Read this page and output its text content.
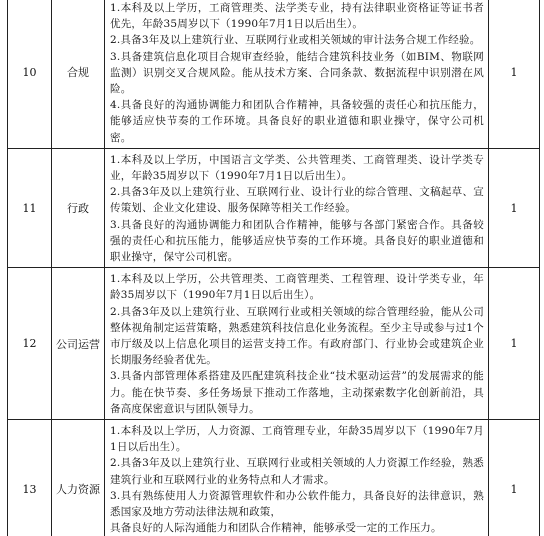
10	合规	1.本科及以上学历，工商管理类、法学类专业，持有法律职业资格证等证书者优先，年龄35周岁以下（1990年7月1日以后出生）。

2.具备3年及以上建筑行业、互联网行业或相关领域的审计法务合规工作经验。

3.具备建筑信息化项目合规审查经验，能结合建筑科技业务（如BIM、物联网监测）识别交叉合规风险。能从技术方案、合同条款、数据流程中识别潜在风险。

4.具备良好的沟通协调能力和团队合作精神，具备较强的责任心和抗压能力，能够适应快节奏的工作环境。具备良好的职业道德和职业操守，保守公司机密。	1
11	行政	1.本科及以上学历，中国语言文学类、公共管理类、工商管理类、设计学类专业，年龄35周岁以下（1990年7月1日以后出生）。

2.具备3年及以上建筑行业、互联网行业、设计行业的综合管理、文稿起草、宣传策划、企业文化建设、服务保障等相关工作经验。

3.具备良好的沟通协调能力和团队合作精神，能够与各部门紧密合作。具备较强的责任心和抗压能力，能够适应快节奏的工作环境。具备良好的职业道德和职业操守，保守公司机密。	1
12	公司运营	1.本科及以上学历，公共管理类、工商管理类、工程管理、设计学类专业，年龄35周岁以下（1990年7月1日以后出生）。

2.具备3年及以上建筑行业、互联网行业或相关领域的综合管理经验，能从公司整体视角制定运营策略，熟悉建筑科技信息化业务流程。至少主导或参与过1个市厅级及以上信息化项目的运营支持工作。有政府部门、行业协会或建筑企业长期服务经验者优先。

3.具备内部管理体系搭建及匹配建筑科技企业“技术驱动运营”的发展需求的能力。能在快节奏、多任务场景下推动工作落地，主动探索数字化创新前沿，具备高度保密意识与团队领导力。	1
13	人力资源	1.本科及以上学历，人力资源、工商管理专业，年龄35周岁以下（1990年7月1日以后出生）。

2.具备3年及以上建筑行业、互联网行业或相关领域的人力资源工作经验，熟悉建筑行业和互联网行业的业务特点和人才需求。

3.具有熟练使用人力资源管理软件和办公软件能力，具备良好的法律意识，熟悉国家及地方劳动法律法规和政策，

具备良好的人际沟通能力和团队合作精神，能够承受一定的工作压力。	1
